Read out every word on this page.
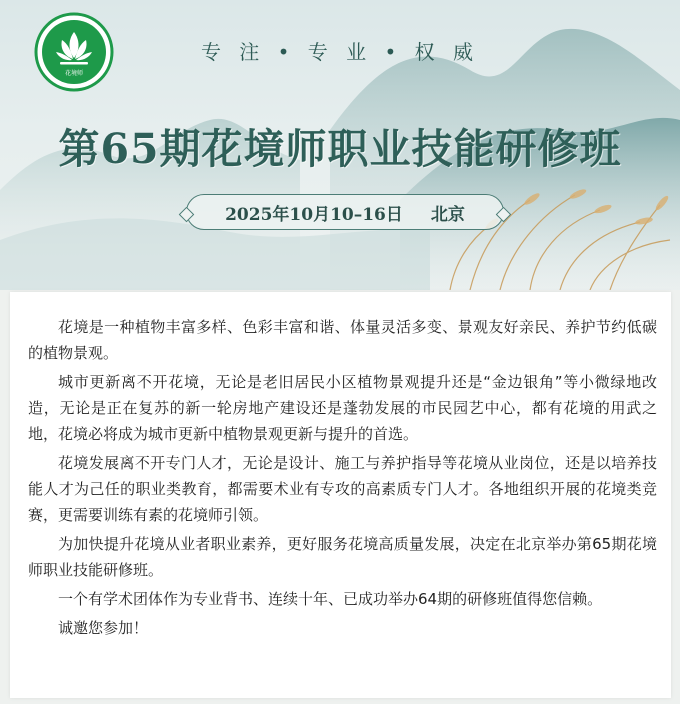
花境师
专 注 • 专 业 • 权 威
第65期花境师职业技能研修班
2025年10月10–16日 北京

花境是一种植物丰富多样、色彩丰富和谐、体量灵活多变、景观友好亲民、养护节约低碳的植物景观。

城市更新离不开花境，无论是老旧居民小区植物景观提升还是“金边银角”等小微绿地改造，无论是正在复苏的新一轮房地产建设还是蓬勃发展的市民园艺中心，都有花境的用武之地，花境必将成为城市更新中植物景观更新与提升的首选。

花境发展离不开专门人才，无论是设计、施工与养护指导等花境从业岗位，还是以培养技能人才为己任的职业类教育，都需要术业有专攻的高素质专门人才。各地组织开展的花境类竞赛，更需要训练有素的花境师引领。

为加快提升花境从业者职业素养，更好服务花境高质量发展，决定在北京举办第65期花境师职业技能研修班。

一个有学术团体作为专业背书、连续十年、已成功举办64期的研修班值得您信赖。

诚邀您参加！
